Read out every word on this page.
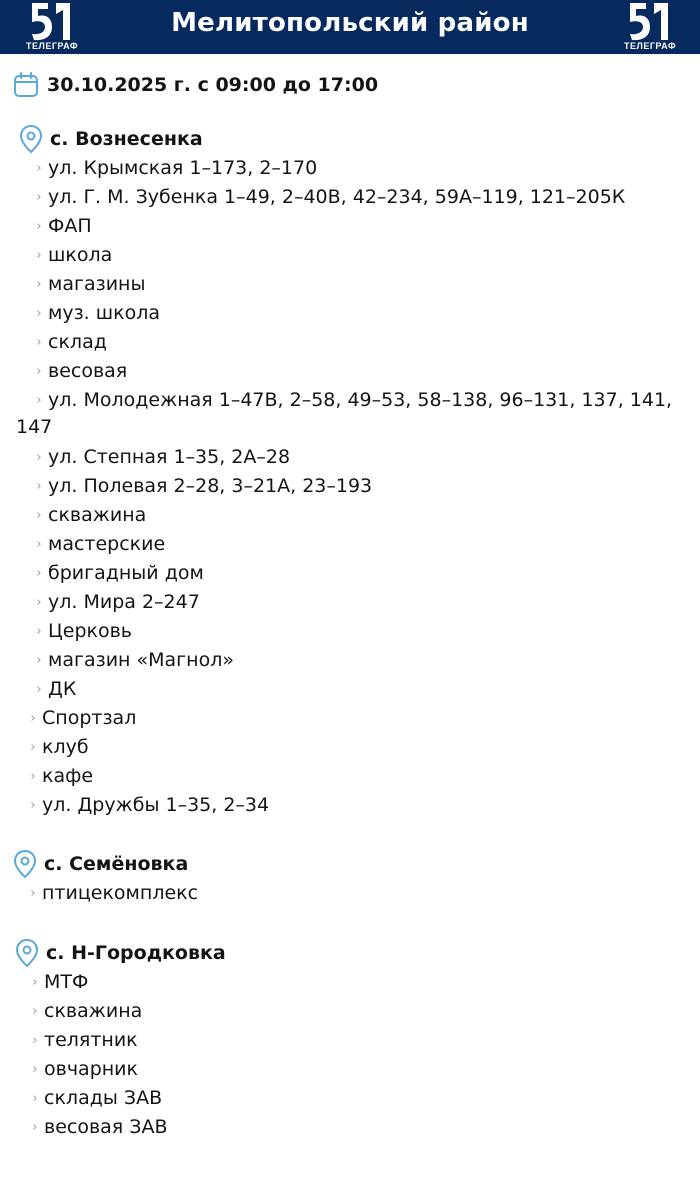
ТЕЛЕГРАФ
Мелитопольский район
ТЕЛЕГРАФ
30.10.2025 г. с 09:00 до 17:00
с. Вознесенка
› ул. Крымская 1–173, 2–170
› ул. Г. М. Зубенка 1–49, 2–40В, 42–234, 59А–119, 121–205К
› ФАП
› школа
› магазины
› муз. школа
› склад
› весовая
› ул. Молодежная 1–47В, 2–58, 49–53, 58–138, 96–131, 137, 141,
147
› ул. Степная 1–35, 2А–28
› ул. Полевая 2–28, 3–21А, 23–193
› скважина
› мастерские
› бригадный дом
› ул. Мира 2–247
› Церковь
› магазин «Магнол»
› ДК
› Спортзал
› клуб
› кафе
› ул. Дружбы 1–35, 2–34
с. Семёновка
› птицекомплекс
с. Н-Городковка
› МТФ
› скважина
› телятник
› овчарник
› склады ЗАВ
› весовая ЗАВ
